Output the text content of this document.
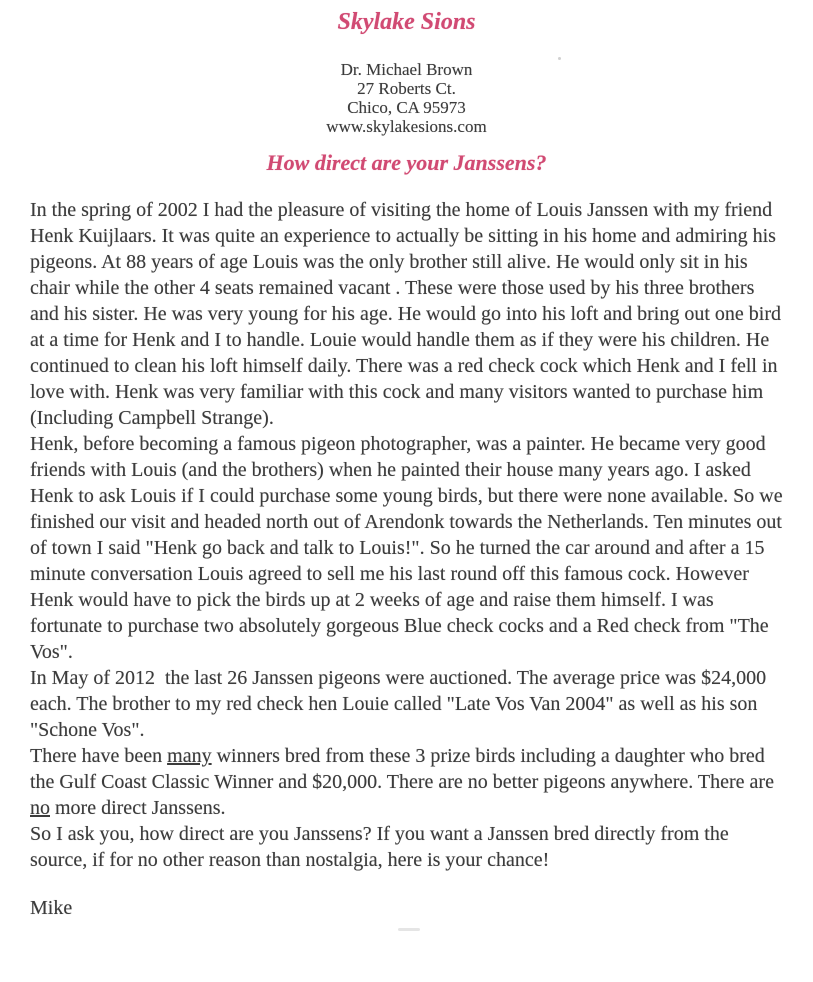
Skylake Sions
Dr. Michael Brown
27 Roberts Ct.
Chico, CA 95973
www.skylakesions.com
How direct are your Janssens?

In the spring of 2002 I had the pleasure of visiting the home of Louis Janssen with my friend Henk Kuijlaars. It was quite an experience to actually be sitting in his home and admiring his pigeons. At 88 years of age Louis was the only brother still alive. He would only sit in his chair while the other 4 seats remained vacant . These were those used by his three brothers and his sister. He was very young for his age. He would go into his loft and bring out one bird at a time for Henk and I to handle. Louie would handle them as if they were his children. He continued to clean his loft himself daily. There was a red check cock which Henk and I fell in love with. Henk was very familiar with this cock and many visitors wanted to purchase him (Including Campbell Strange).

Henk, before becoming a famous pigeon photographer, was a painter. He became very good friends with Louis (and the brothers) when he painted their house many years ago. I asked Henk to ask Louis if I could purchase some young birds, but there were none available. So we finished our visit and headed north out of Arendonk towards the Netherlands. Ten minutes out of town I said "Henk go back and talk to Louis!". So he turned the car around and after a 15 minute conversation Louis agreed to sell me his last round off this famous cock. However Henk would have to pick the birds up at 2 weeks of age and raise them himself. I was fortunate to purchase two absolutely gorgeous Blue check cocks and a Red check from "The Vos".

In May of 2012  the last 26 Janssen pigeons were auctioned. The average price was $24,000 each. The brother to my red check hen Louie called "Late Vos Van 2004" as well as his son "Schone Vos".

There have been many winners bred from these 3 prize birds including a daughter who bred the Gulf Coast Classic Winner and $20,000. There are no better pigeons anywhere. There are no more direct Janssens.

So I ask you, how direct are you Janssens? If you want a Janssen bred directly from the source, if for no other reason than nostalgia, here is your chance!

Mike
